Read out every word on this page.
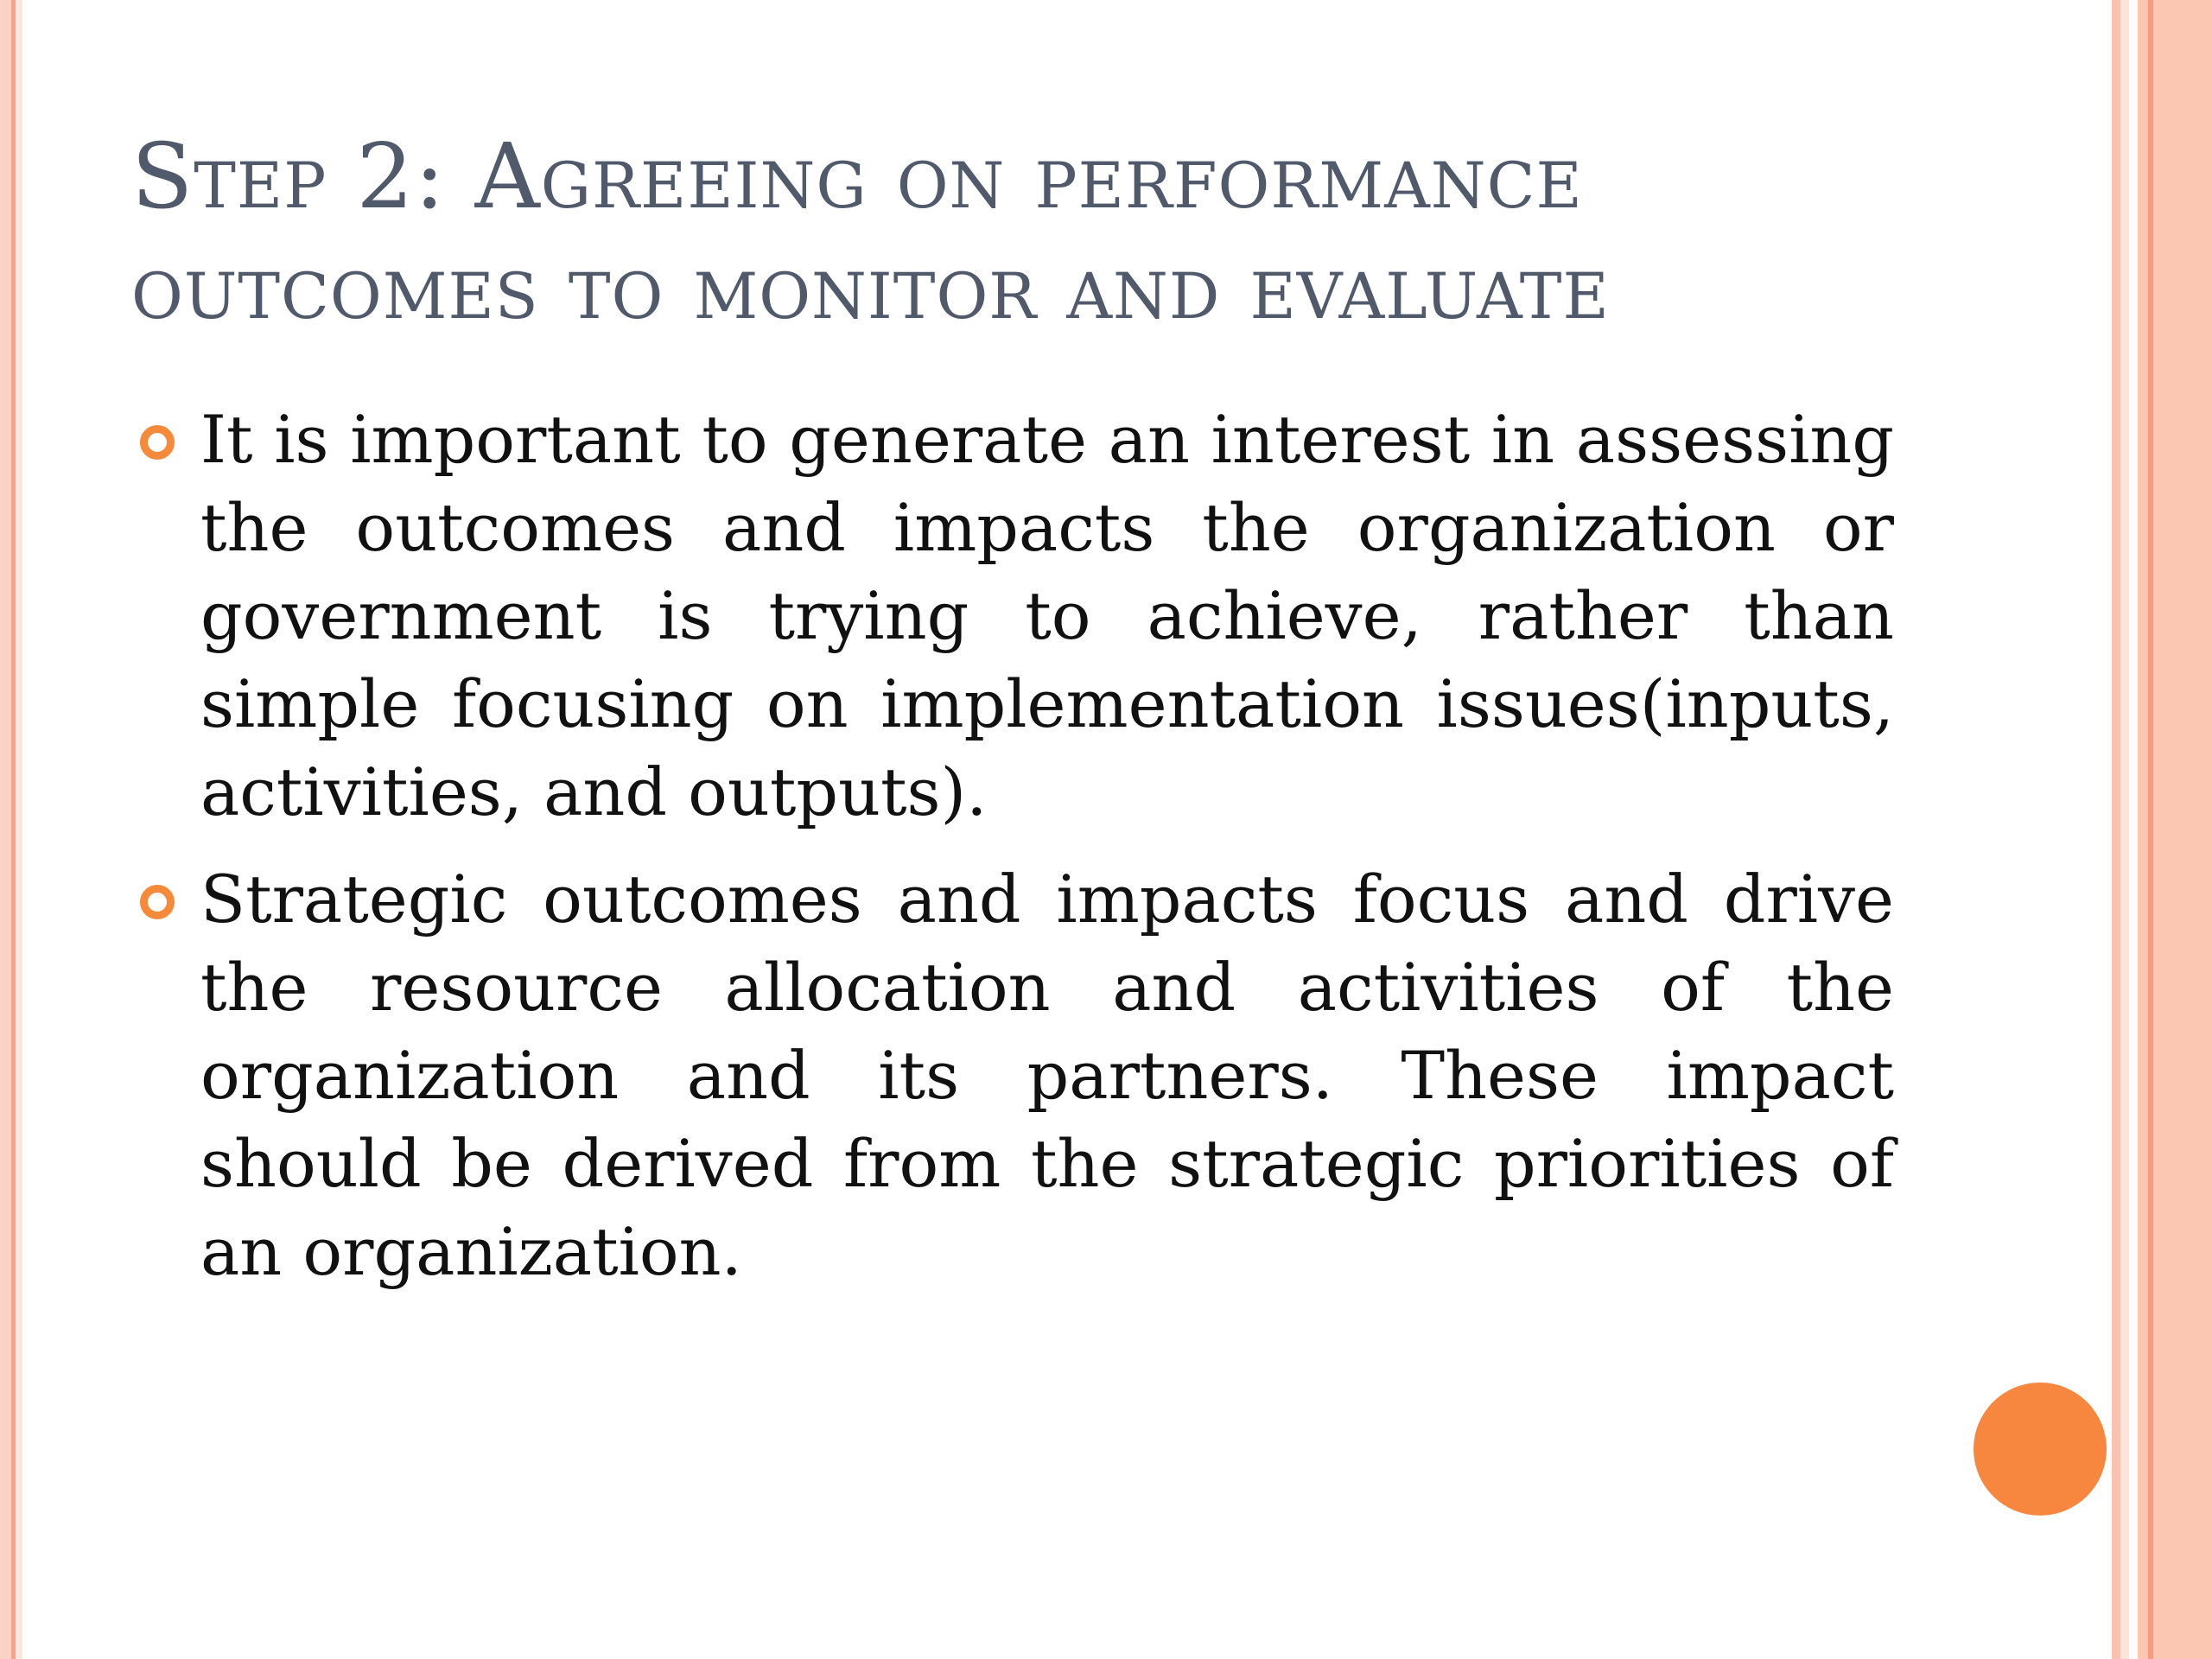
Step 2: Agreeing on performance outcomes to monitor and evaluate
It is important to generate an interest in assessing the outcomes and impacts the organization or government is trying to achieve, rather than simple focusing on implementation issues(inputs, activities, and outputs).
Strategic outcomes and impacts focus and drive the resource allocation and activities of the organization and its partners. These impact should be derived from the strategic priorities of an organization.
